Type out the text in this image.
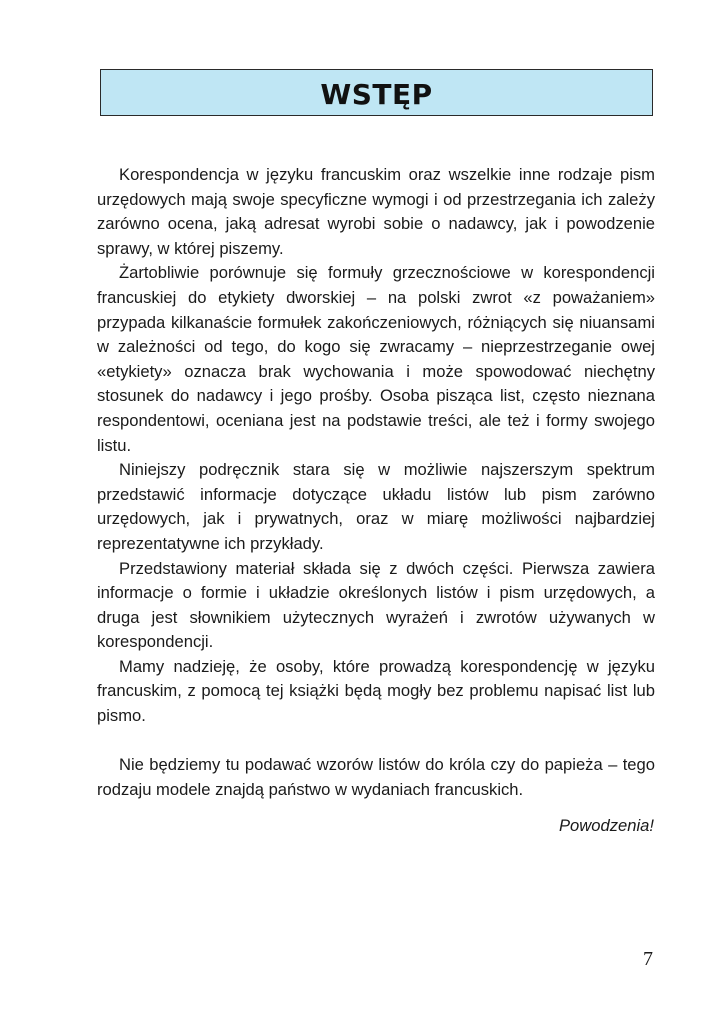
WSTĘP

Korespondencja w języku francuskim oraz wszelkie inne rodzaje pism urzędowych mają swoje specyficzne wymogi i od przestrzegania ich zależy zarówno ocena, jaką adresat wyrobi sobie o nadawcy, jak i powodzenie sprawy, w której piszemy.

Żartobliwie porównuje się formuły grzecznościowe w korespondencji francuskiej do etykiety dworskiej – na polski zwrot «z poważaniem» przypada kilkanaście formułek zakończeniowych, różniących się niuansami w zależności od tego, do kogo się zwracamy – nieprzestrzeganie owej «etykiety» oznacza brak wychowania i może spowodować niechętny stosunek do nadawcy i jego prośby. Osoba pisząca list, często nieznana respondentowi, oceniana jest na podstawie treści, ale też i formy swojego listu.

Niniejszy podręcznik stara się w możliwie najszerszym spektrum przedstawić informacje dotyczące układu listów lub pism zarówno urzędowych, jak i prywatnych, oraz w miarę możliwości najbardziej reprezentatywne ich przykłady.

Przedstawiony materiał składa się z dwóch części. Pierwsza zawiera informacje o formie i układzie określonych listów i pism urzędowych, a druga jest słownikiem użytecznych wyrażeń i zwrotów używanych w korespondencji.

Mamy nadzieję, że osoby, które prowadzą korespondencję w języku francuskim, z pomocą tej książki będą mogły bez problemu napisać list lub pismo.

Nie będziemy tu podawać wzorów listów do króla czy do papieża – tego rodzaju modele znajdą państwo w wydaniach francuskich.

Powodzenia!
7
